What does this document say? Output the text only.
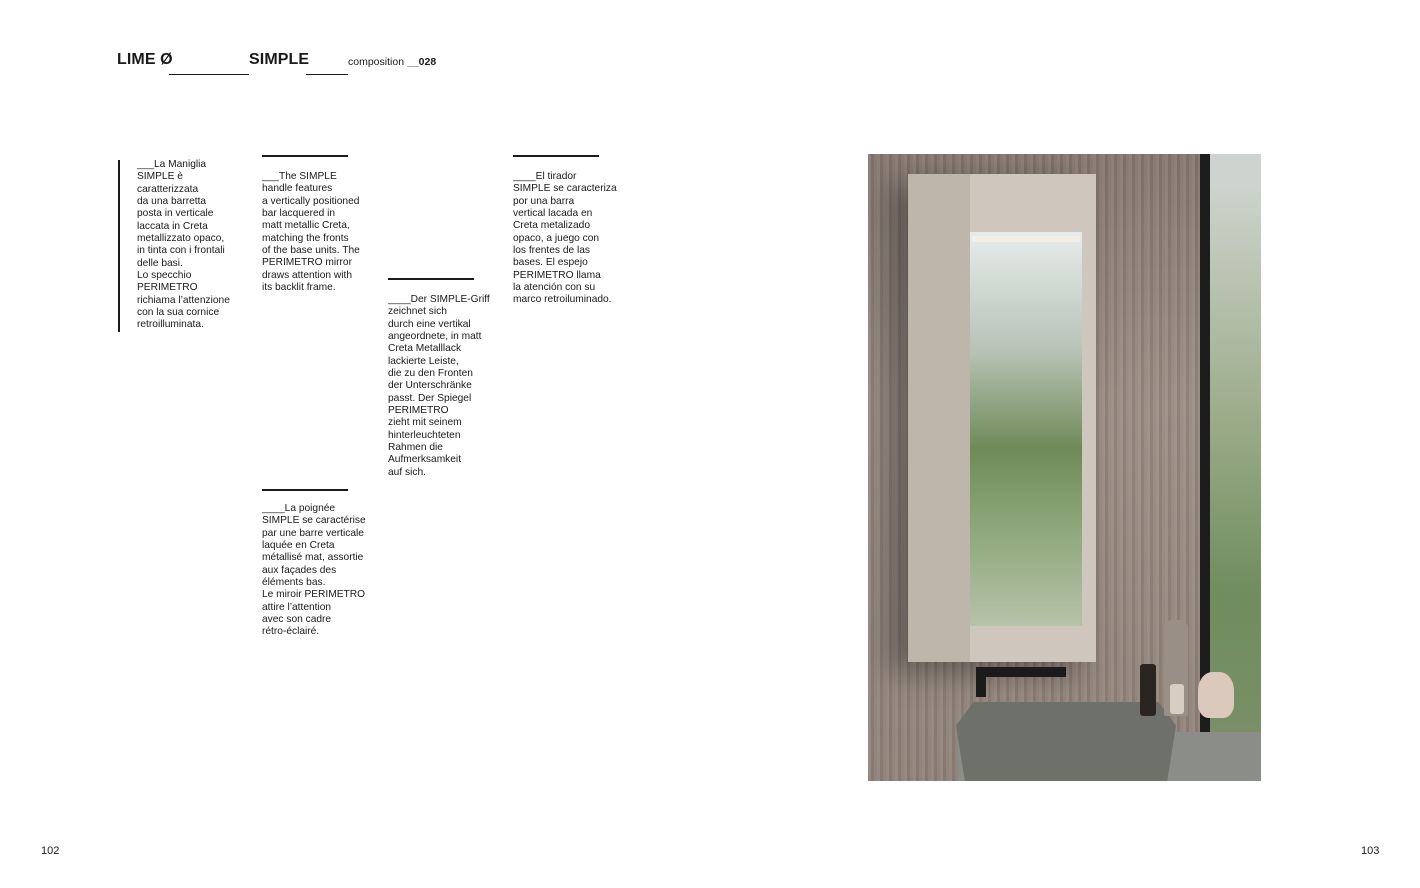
LIME Ø	SIMPLE	composition __028
___La Maniglia
SIMPLE è
caratterizzata
da una barretta
posta in verticale
laccata in Creta
metallizzato opaco,
in tinta con i frontali
delle basi.
Lo specchio
PERIMETRO
richiama l’attenzione
con la sua cornice
retroilluminata.
___The SIMPLE
handle features
a vertically positioned
bar lacquered in
matt metallic Creta,
matching the fronts
of the base units. The
PERIMETRO mirror
draws attention with
its backlit frame.
____La poignée
SIMPLE se caractérise
par une barre verticale
laquée en Creta
métallisé mat, assortie
aux façades des
éléments bas.
Le miroir PERIMETRO
attire l’attention
avec son cadre
rétro-éclairé.
____Der SIMPLE-Griff
zeichnet sich
durch eine vertikal
angeordnete, in matt
Creta Metalllack
lackierte Leiste,
die zu den Fronten
der Unterschränke
passt. Der Spiegel
PERIMETRO
zieht mit seinem
hinterleuchteten
Rahmen die
Aufmerksamkeit
auf sich.
____El tirador
SIMPLE se caracteriza
por una barra
vertical lacada en
Creta metalizado
opaco, a juego con
los frentes de las
bases. El espejo
PERIMETRO llama
la atención con su
marco retroiluminado.
102	103
